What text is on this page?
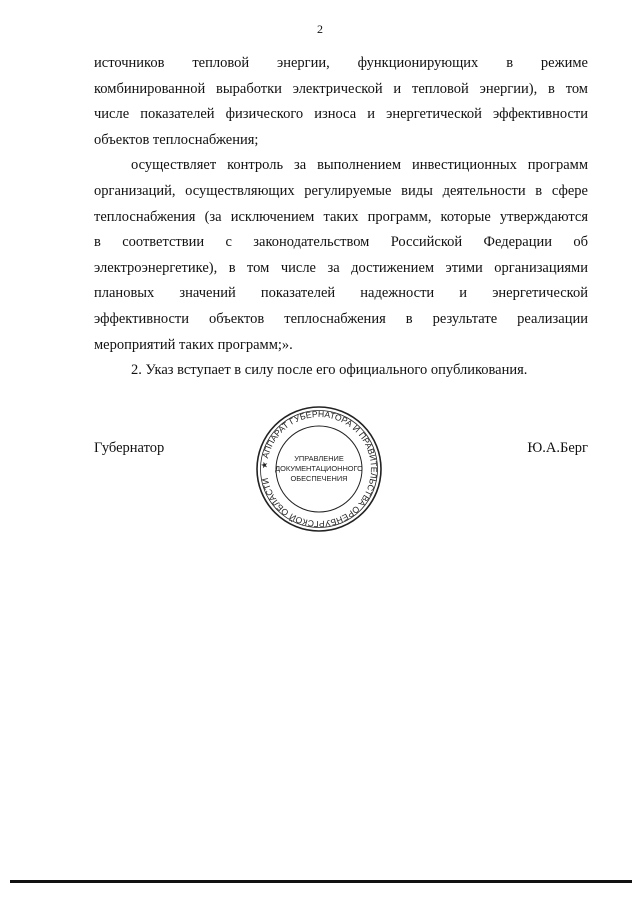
2
источников тепловой энергии, функционирующих в режиме
комбинированной выработки электрической и тепловой энергии), в том
числе показателей физического износа и энергетической эффективности
объектов теплоснабжения;
осуществляет контроль за выполнением инвестиционных программ
организаций, осуществляющих регулируемые виды деятельности в сфере
теплоснабжения (за исключением таких программ, которые утверждаются
в соответствии с законодательством Российской Федерации об
электроэнергетике), в том числе за достижением этими организациями
плановых значений показателей надежности и энергетической
эффективности объектов теплоснабжения в результате реализации
мероприятий таких программ;».
2. Указ вступает в силу после его официального опубликования.
Губернатор	Ю.А.Берг
★ АППАРАТ ГУБЕРНАТОРА И ПРАВИТЕЛЬСТВА ОРЕНБУРГСКОЙ ОБЛАСТИ
УПРАВЛЕНИЕ
ДОКУМЕНТАЦИОННОГО
ОБЕСПЕЧЕНИЯ
